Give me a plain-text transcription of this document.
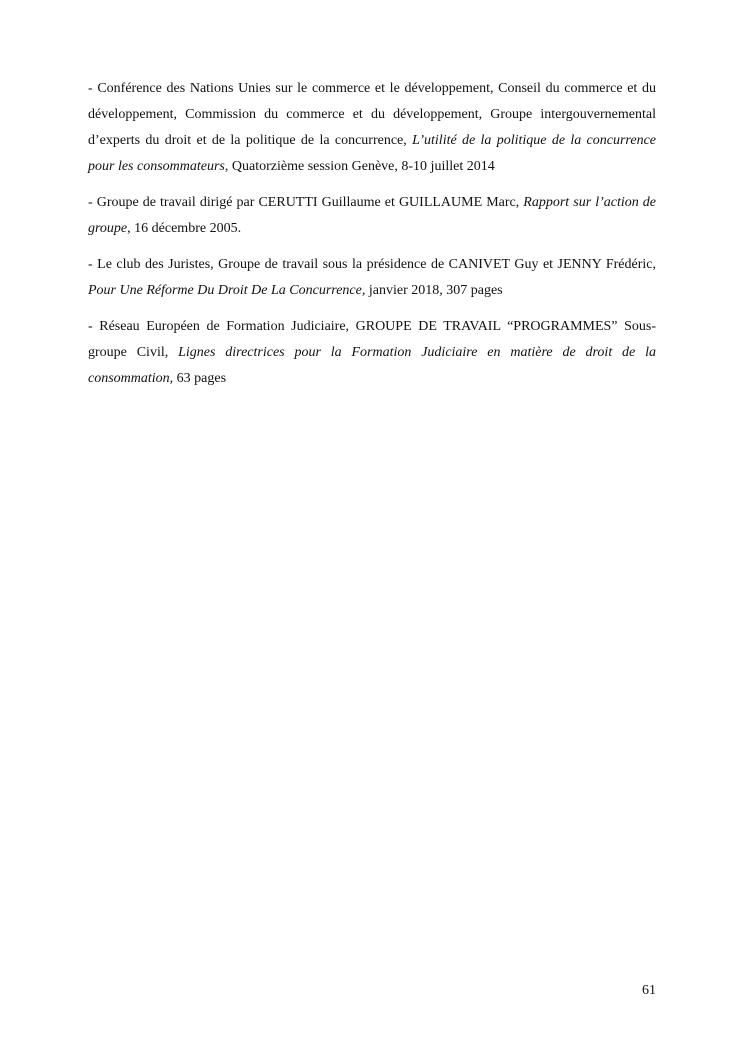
- Conférence des Nations Unies sur le commerce et le développement, Conseil du commerce et du développement, Commission du commerce et du développement, Groupe intergouvernemental d’experts du droit et de la politique de la concurrence, L’utilité de la politique de la concurrence pour les consommateurs, Quatorzième session Genève, 8-10 juillet 2014

- Groupe de travail dirigé par CERUTTI Guillaume et GUILLAUME Marc, Rapport sur l’action de groupe, 16 décembre 2005.

- Le club des Juristes, Groupe de travail sous la présidence de CANIVET Guy et JENNY Frédéric, Pour Une Réforme Du Droit De La Concurrence, janvier 2018, 307 pages

- Réseau Européen de Formation Judiciaire, GROUPE DE TRAVAIL “PROGRAMMES” Sous-groupe Civil, Lignes directrices pour la Formation Judiciaire en matière de droit de la consommation, 63 pages

61
